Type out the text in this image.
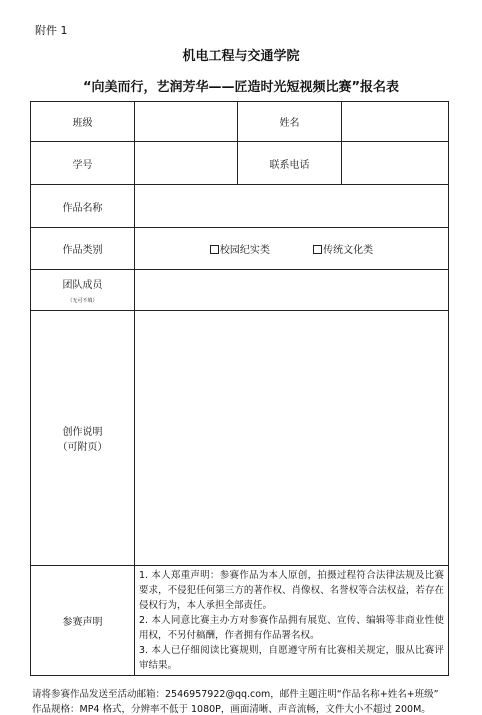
附件 1
机电工程与交通学院
“向美而行，艺润芳华——匠造时光短视频比赛”报名表
班级		姓名	
学号		联系电话	
作品名称			
作品类别	校园纪实类 传统文化类		
团队成员
（无可不填）			

创作说明
（可附页）			

参赛声明	1. 本人郑重声明：参赛作品为本人原创，拍摄过程符合法律法规及比赛要求，不侵犯任何第三方的著作权、肖像权、名誉权等合法权益，若存在侵权行为，本人承担全部责任。

2. 本人同意比赛主办方对参赛作品拥有展览、宣传、编辑等非商业性使用权，不另付稿酬，作者拥有作品署名权。

3. 本人已仔细阅读比赛规则，自愿遵守所有比赛相关规定，服从比赛评审结果。		

请将参赛作品发送至活动邮箱：2546957922@qq.com，邮件主题注明“作品名称+姓名+班级”
作品规格：MP4 格式，分辨率不低于 1080P，画面清晰、声音流畅，文件大小不超过 200M。
